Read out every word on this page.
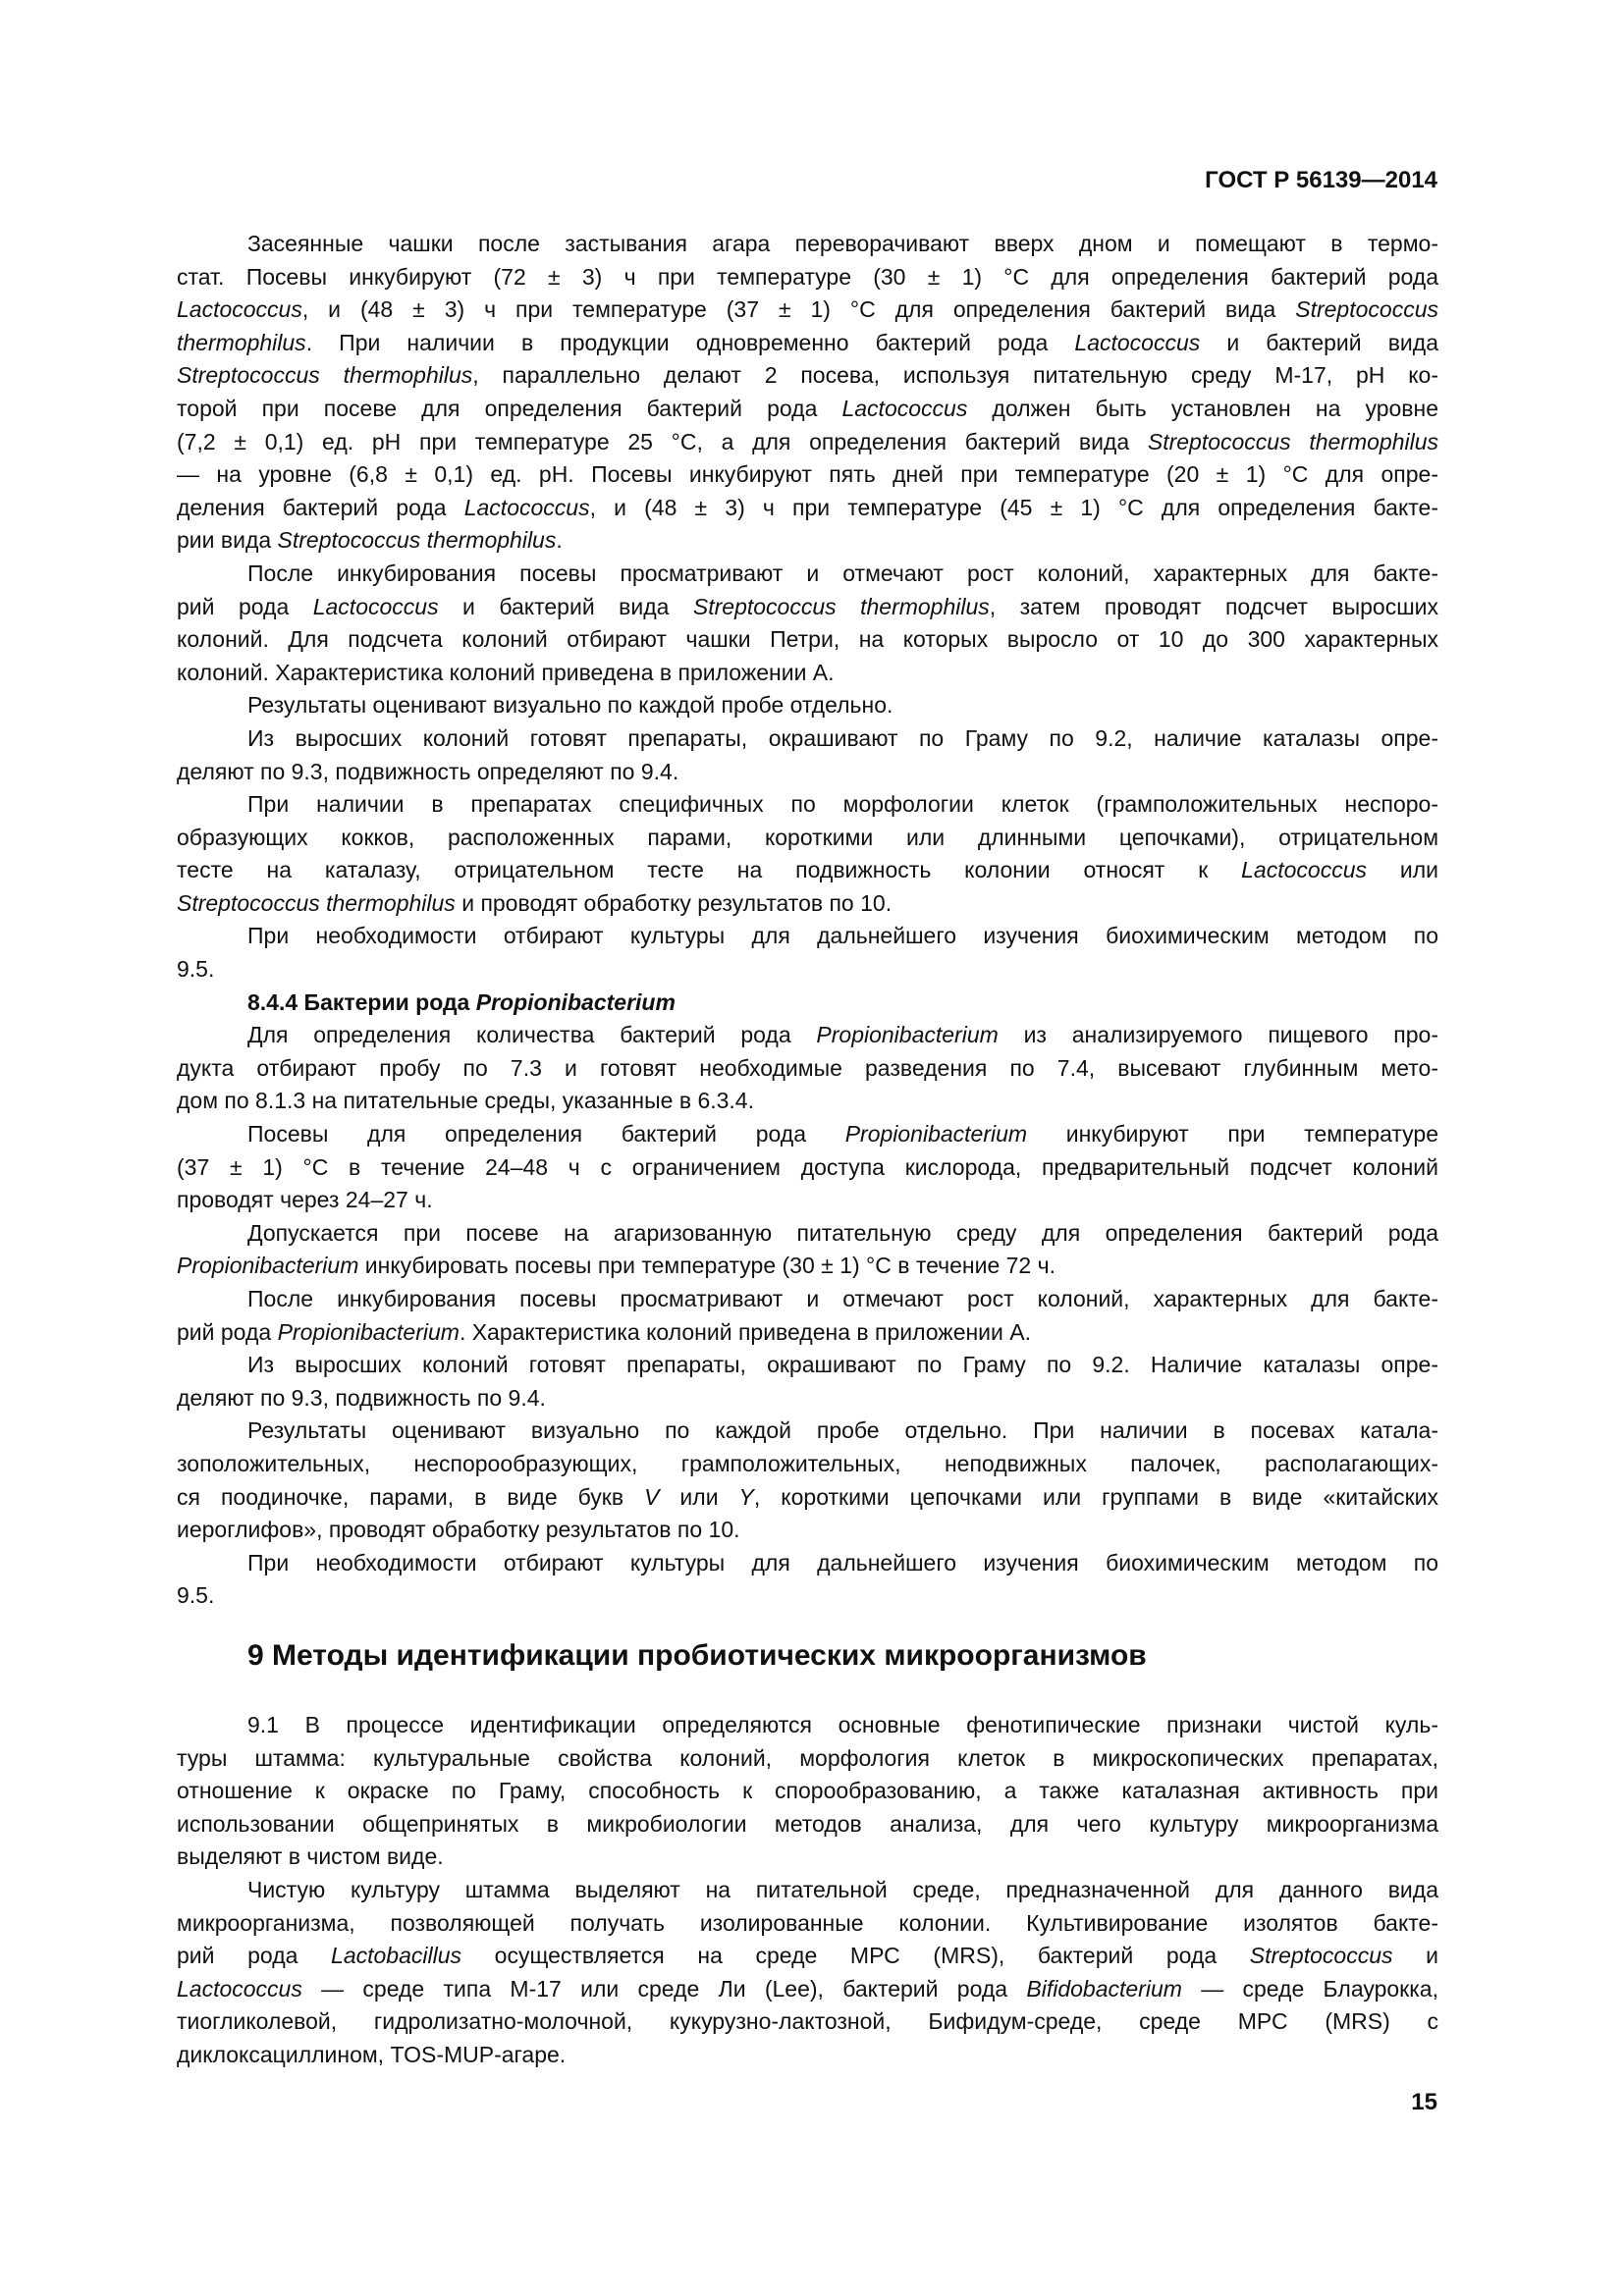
ГОСТ Р 56139—2014
Засеянные чашки после застывания агара переворачивают вверх дном и помещают в термо-
стат. Посевы инкубируют (72 ± 3) ч при температуре (30 ± 1) °С для определения бактерий рода
Lactococcus, и (48 ± 3) ч при температуре (37 ± 1) °С для определения бактерий вида Streptococcus
thermophilus. При наличии в продукции одновременно бактерий рода Lactococcus и бактерий вида
Streptococcus thermophilus, параллельно делают 2 посева, используя питательную среду М-17, рН ко-
торой при посеве для определения бактерий рода Lactococcus должен быть установлен на уровне
(7,2 ± 0,1) ед. рН при температуре 25 °С, а для определения бактерий вида Streptococcus thermophilus
— на уровне (6,8 ± 0,1) ед. рН. Посевы инкубируют пять дней при температуре (20 ± 1) °С для опре-
деления бактерий рода Lactococcus, и (48 ± 3) ч при температуре (45 ± 1) °С для определения бакте-
рии вида Streptococcus thermophilus.
После инкубирования посевы просматривают и отмечают рост колоний, характерных для бакте-
рий рода Lactococcus и бактерий вида Streptococcus thermophilus, затем проводят подсчет выросших
колоний. Для подсчета колоний отбирают чашки Петри, на которых выросло от 10 до 300 характерных
колоний. Характеристика колоний приведена в приложении А.
Результаты оценивают визуально по каждой пробе отдельно.
Из выросших колоний готовят препараты, окрашивают по Граму по 9.2, наличие каталазы опре-
деляют по 9.3, подвижность определяют по 9.4.
При наличии в препаратах специфичных по морфологии клеток (грамположительных неспоро-
образующих кокков, расположенных парами, короткими или длинными цепочками), отрицательном
тесте на каталазу, отрицательном тесте на подвижность колонии относят к Lactococcus или
Streptococcus thermophilus и проводят обработку результатов по 10.
При необходимости отбирают культуры для дальнейшего изучения биохимическим методом по
9.5.
8.4.4 Бактерии рода Propionibacterium
Для определения количества бактерий рода Propionibacterium из анализируемого пищевого про-
дукта отбирают пробу по 7.3 и готовят необходимые разведения по 7.4, высевают глубинным мето-
дом по 8.1.3 на питательные среды, указанные в 6.3.4.
Посевы для определения бактерий рода Propionibacterium инкубируют при температуре
(37 ± 1) °С в течение 24–48 ч с ограничением доступа кислорода, предварительный подсчет колоний
проводят через 24–27 ч.
Допускается при посеве на агаризованную питательную среду для определения бактерий рода
Propionibacterium инкубировать посевы при температуре (30 ± 1) °С в течение 72 ч.
После инкубирования посевы просматривают и отмечают рост колоний, характерных для бакте-
рий рода Propionibacterium. Характеристика колоний приведена в приложении А.
Из выросших колоний готовят препараты, окрашивают по Граму по 9.2. Наличие каталазы опре-
деляют по 9.3, подвижность по 9.4.
Результаты оценивают визуально по каждой пробе отдельно. При наличии в посевах катала-
зоположительных, неспорообразующих, грамположительных, неподвижных палочек, располагающих-
ся поодиночке, парами, в виде букв V или Y, короткими цепочками или группами в виде «китайских
иероглифов», проводят обработку результатов по 10.
При необходимости отбирают культуры для дальнейшего изучения биохимическим методом по
9.5.
9 Методы идентификации пробиотических микроорганизмов
9.1 В процессе идентификации определяются основные фенотипические признаки чистой куль-
туры штамма: культуральные свойства колоний, морфология клеток в микроскопических препаратах,
отношение к окраске по Граму, способность к спорообразованию, а также каталазная активность при
использовании общепринятых в микробиологии методов анализа, для чего культуру микроорганизма
выделяют в чистом виде.
Чистую культуру штамма выделяют на питательной среде, предназначенной для данного вида
микроорганизма, позволяющей получать изолированные колонии. Культивирование изолятов бакте-
рий рода Lactobacillus осуществляется на среде МРС (MRS), бактерий рода Streptococcus и
Lactococcus — среде типа М-17 или среде Ли (Lee), бактерий рода Bifidobacterium — среде Блаурокка,
тиогликолевой, гидролизатно-молочной, кукурузно-лактозной, Бифидум-среде, среде МРС (MRS) с
диклоксациллином, TOS-MUP-агаре.
15
